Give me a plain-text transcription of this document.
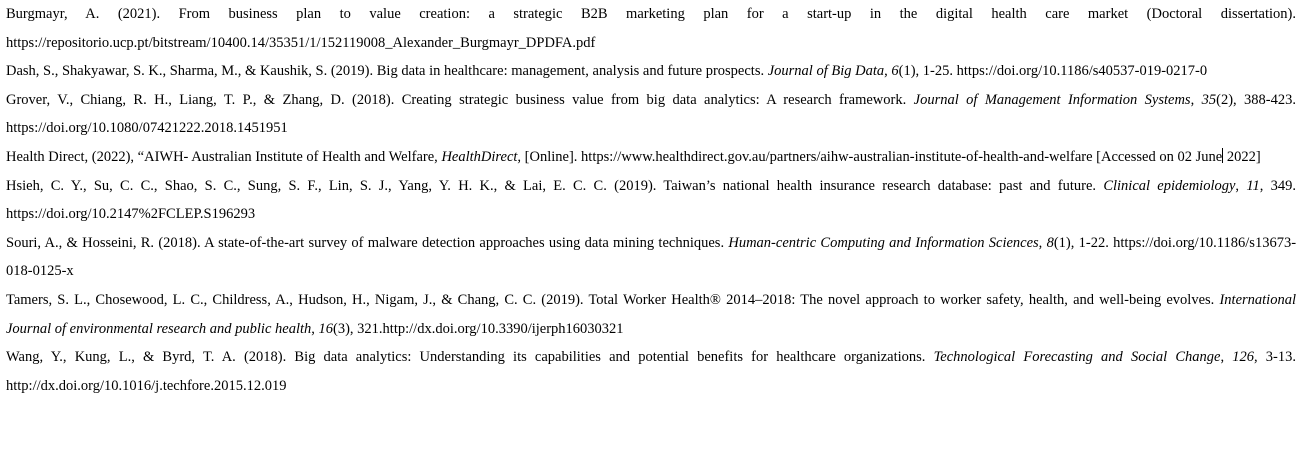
Burgmayr, A. (2021). From business plan to value creation: a strategic B2B marketing plan for a start-up in the digital health care market (Doctoral dissertation). https://repositorio.ucp.pt/bitstream/10400.14/35351/1/152119008_Alexander_Burgmayr_DPDFA.pdf

Dash, S., Shakyawar, S. K., Sharma, M., & Kaushik, S. (2019). Big data in healthcare: management, analysis and future prospects. Journal of Big Data, 6(1), 1-25. https://doi.org/10.1186/s40537-019-0217-0

Grover, V., Chiang, R. H., Liang, T. P., & Zhang, D. (2018). Creating strategic business value from big data analytics: A research framework. Journal of Management Information Systems, 35(2), 388-423. https://doi.org/10.1080/07421222.2018.1451951

Health Direct, (2022), “AIWH- Australian Institute of Health and Welfare, HealthDirect, [Online]. https://www.healthdirect.gov.au/partners/aihw-australian-institute-of-health-and-welfare [Accessed on 02 June 2022]

Hsieh, C. Y., Su, C. C., Shao, S. C., Sung, S. F., Lin, S. J., Yang, Y. H. K., & Lai, E. C. C. (2019). Taiwan’s national health insurance research database: past and future. Clinical epidemiology, 11, 349. https://doi.org/10.2147%2FCLEP.S196293

Souri, A., & Hosseini, R. (2018). A state-of-the-art survey of malware detection approaches using data mining techniques. Human-centric Computing and Information Sciences, 8(1), 1-22. https://doi.org/10.1186/s13673-018-0125-x

Tamers, S. L., Chosewood, L. C., Childress, A., Hudson, H., Nigam, J., & Chang, C. C. (2019). Total Worker Health® 2014–2018: The novel approach to worker safety, health, and well-being evolves. International Journal of environmental research and public health, 16(3), 321.http://dx.doi.org/10.3390/ijerph16030321

Wang, Y., Kung, L., & Byrd, T. A. (2018). Big data analytics: Understanding its capabilities and potential benefits for healthcare organizations. Technological Forecasting and Social Change, 126, 3-13. http://dx.doi.org/10.1016/j.techfore.2015.12.019
